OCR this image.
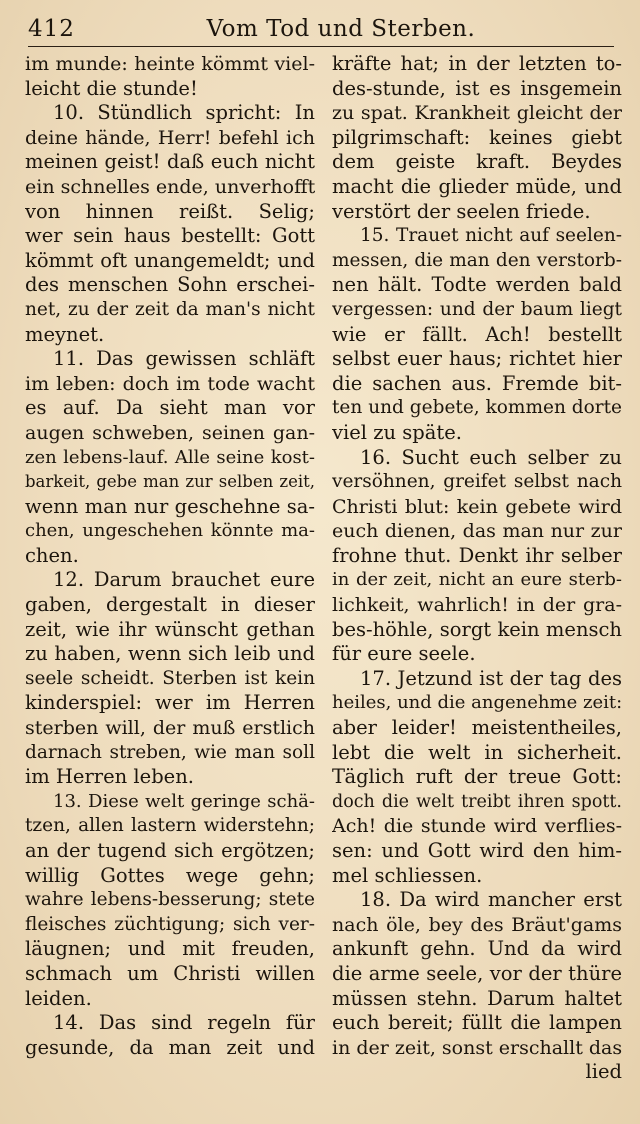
412	Vom Tod und Sterben.
im munde: heinte kömmt viel-
leicht die stunde!
10. Stündlich spricht: In
deine hände, Herr! befehl ich
meinen geist! daß euch nicht
ein schnelles ende, unverhofft
von hinnen reißt. Selig;
wer sein haus bestellt: Gott
kömmt oft unangemeldt; und
des menschen Sohn erschei-
net, zu der zeit da man's nicht
meynet.
11. Das gewissen schläft
im leben: doch im tode wacht
es auf. Da sieht man vor
augen schweben, seinen gan-
zen lebens-lauf. Alle seine kost-
barkeit, gebe man zur selben zeit,
wenn man nur geschehne sa-
chen, ungeschehen könnte ma-
chen.
12. Darum brauchet eure
gaben, dergestalt in dieser
zeit, wie ihr wünscht gethan
zu haben, wenn sich leib und
seele scheidt. Sterben ist kein
kinderspiel: wer im Herren
sterben will, der muß erstlich
darnach streben, wie man soll
im Herren leben.
13. Diese welt geringe schä-
tzen, allen lastern widerstehn;
an der tugend sich ergötzen;
willig Gottes wege gehn;
wahre lebens-besserung; stete
fleisches züchtigung; sich ver-
läugnen; und mit freuden,
schmach um Christi willen
leiden.
14. Das sind regeln für
gesunde, da man zeit und
kräfte hat; in der letzten to-
des-stunde, ist es insgemein
zu spat. Krankheit gleicht der
pilgrimschaft: keines giebt
dem geiste kraft. Beydes
macht die glieder müde, und
verstört der seelen friede.
15. Trauet nicht auf seelen-
messen, die man den verstorb-
nen hält. Todte werden bald
vergessen: und der baum liegt
wie er fällt. Ach! bestellt
selbst euer haus; richtet hier
die sachen aus. Fremde bit-
ten und gebete, kommen dorte
viel zu späte.
16. Sucht euch selber zu
versöhnen, greifet selbst nach
Christi blut: kein gebete wird
euch dienen, das man nur zur
frohne thut. Denkt ihr selber
in der zeit, nicht an eure sterb-
lichkeit, wahrlich! in der gra-
bes-höhle, sorgt kein mensch
für eure seele.
17. Jetzund ist der tag des
heiles, und die angenehme zeit:
aber leider! meistentheiles,
lebt die welt in sicherheit.
Täglich ruft der treue Gott:
doch die welt treibt ihren spott.
Ach! die stunde wird verflies-
sen: und Gott wird den him-
mel schliessen.
18. Da wird mancher erst
nach öle, bey des Bräut'gams
ankunft gehn. Und da wird
die arme seele, vor der thüre
müssen stehn. Darum haltet
euch bereit; füllt die lampen
in der zeit, sonst erschallt das
lied
